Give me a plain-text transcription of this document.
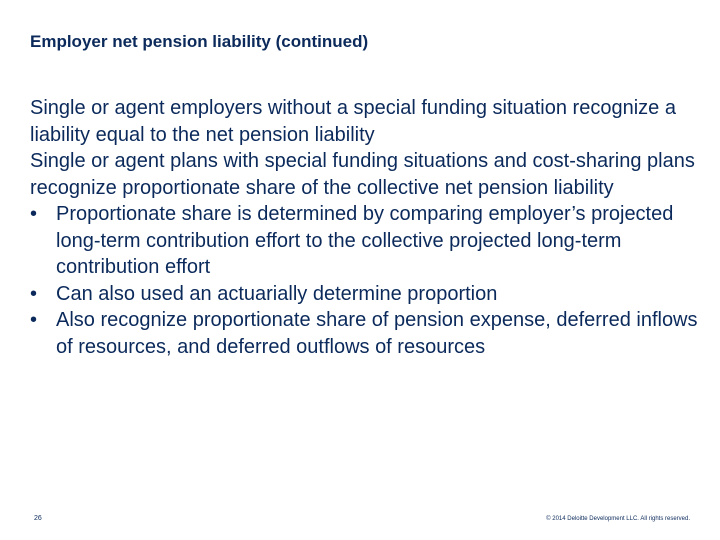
Employer net pension liability (continued)

Single or agent employers without a special funding situation recognize a liability equal to the net pension liability

Single or agent plans with special funding situations and cost-sharing plans recognize proportionate share of the collective net pension liability

• Proportionate share is determined by comparing employer’s projected long-term contribution effort to the collective projected long-term contribution effort
• Can also used an actuarially determine proportion
• Also recognize proportionate share of pension expense, deferred inflows of resources, and deferred outflows of resources
26	© 2014 Deloitte Development LLC. All rights reserved.
